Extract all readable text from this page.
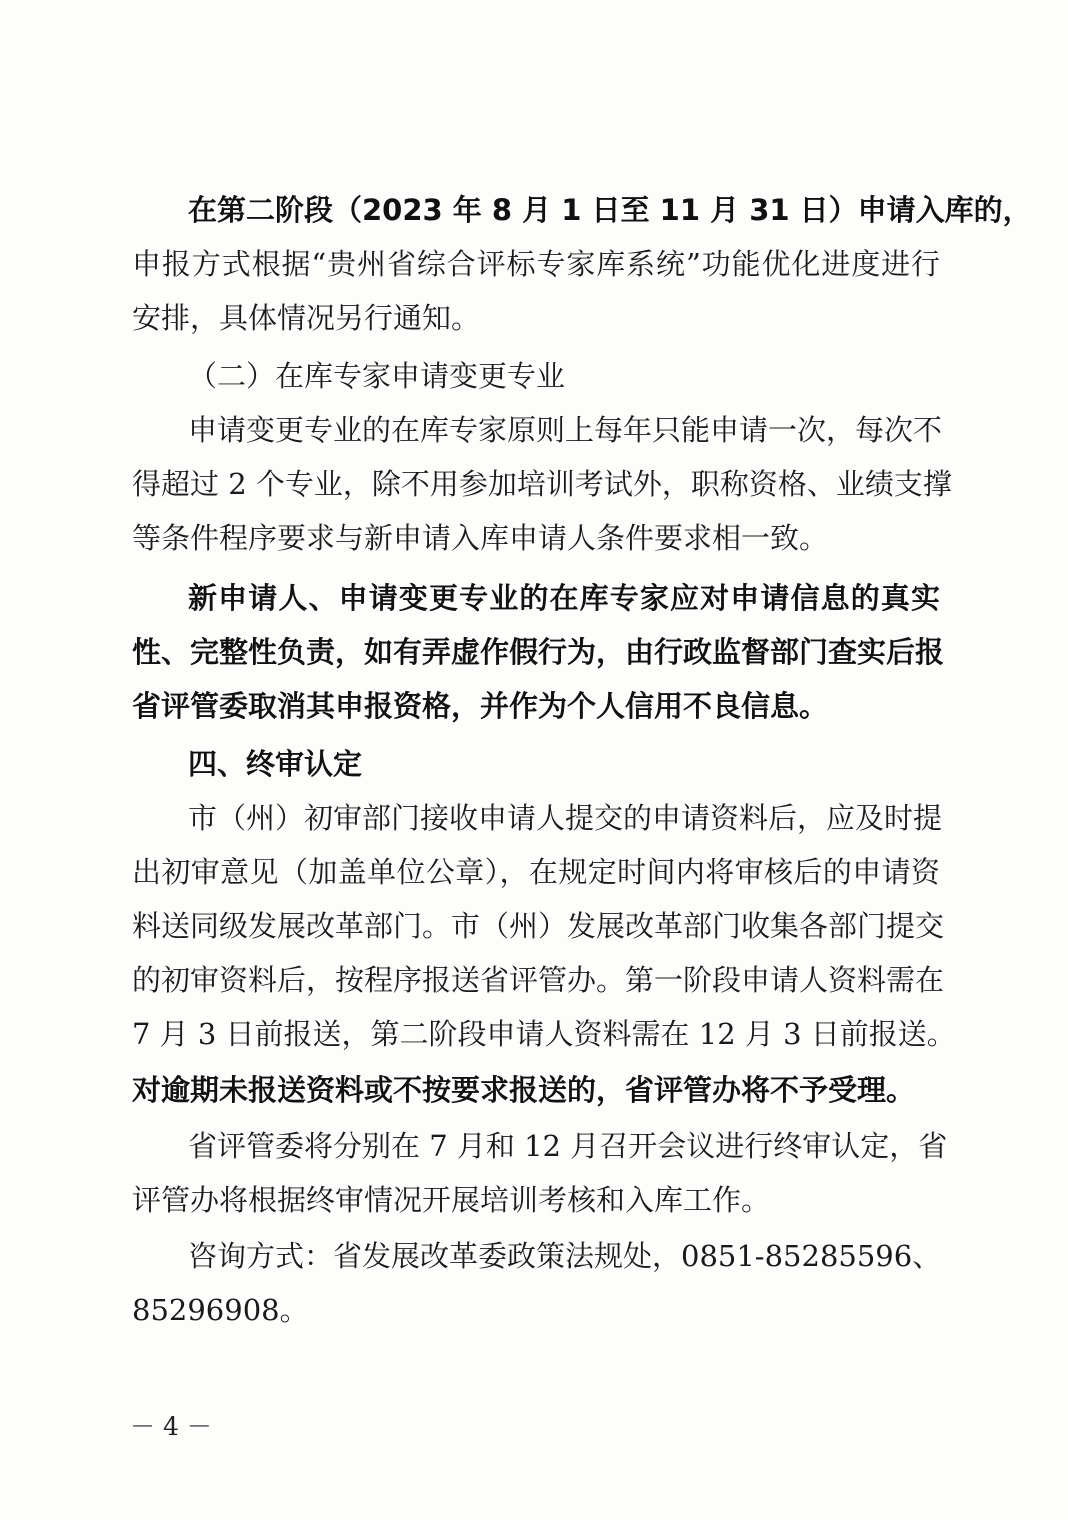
在第二阶段（2023 年 8 月 1 日至 11 月 31 日）申请入库的，
申报方式根据“贵州省综合评标专家库系统”功能优化进度进行
安排，具体情况另行通知。
（二）在库专家申请变更专业
申请变更专业的在库专家原则上每年只能申请一次，每次不
得超过 2 个专业，除不用参加培训考试外，职称资格、业绩支撑
等条件程序要求与新申请入库申请人条件要求相一致。
新申请人、申请变更专业的在库专家应对申请信息的真实
性、完整性负责，如有弄虚作假行为，由行政监督部门查实后报
省评管委取消其申报资格，并作为个人信用不良信息。
四、终审认定
市（州）初审部门接收申请人提交的申请资料后，应及时提
出初审意见（加盖单位公章），在规定时间内将审核后的申请资
料送同级发展改革部门。市（州）发展改革部门收集各部门提交
的初审资料后，按程序报送省评管办。第一阶段申请人资料需在
7 月 3 日前报送，第二阶段申请人资料需在 12 月 3 日前报送。
对逾期未报送资料或不按要求报送的，省评管办将不予受理。
省评管委将分别在 7 月和 12 月召开会议进行终审认定，省
评管办将根据终审情况开展培训考核和入库工作。
咨询方式：省发展改革委政策法规处，0851-85285596、
85296908。
－ 4 －
